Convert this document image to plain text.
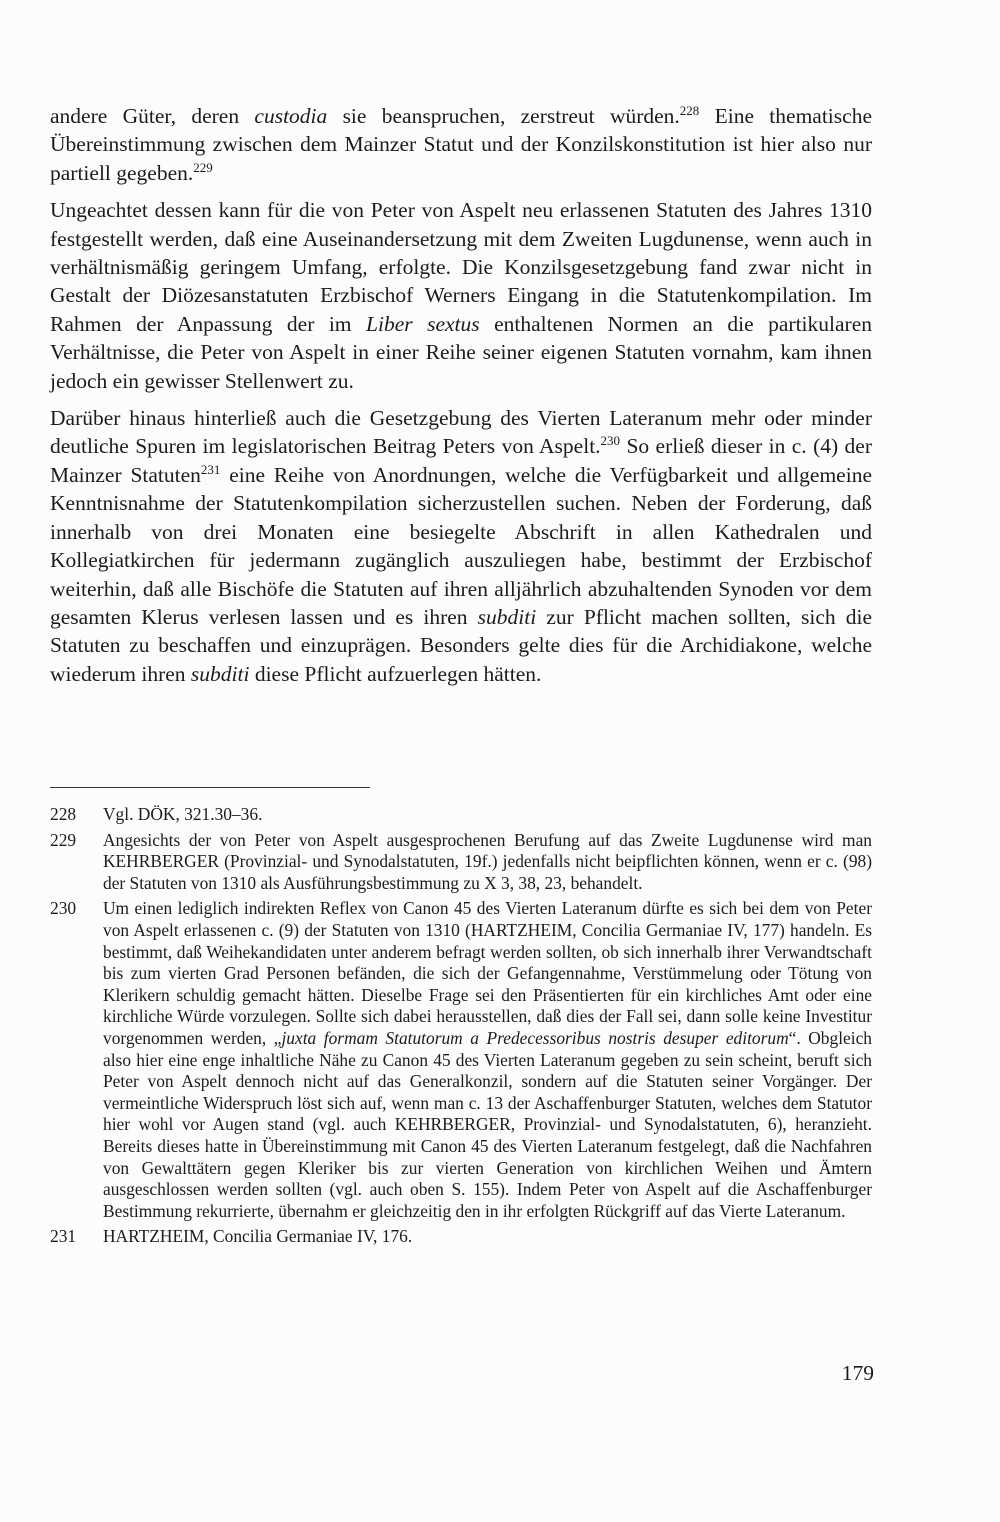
andere Güter, deren custodia sie beanspruchen, zerstreut würden.$^{228}$ Eine thematische Übereinstimmung zwischen dem Mainzer Statut und der Konzilskonstitution ist hier also nur partiell gegeben.$^{229}$

Ungeachtet dessen kann für die von Peter von Aspelt neu erlassenen Statuten des Jahres 1310 festgestellt werden, daß eine Auseinandersetzung mit dem Zweiten Lugdunense, wenn auch in verhältnismäßig geringem Umfang, erfolgte. Die Konzilsgesetzgebung fand zwar nicht in Gestalt der Diözesanstatuten Erzbischof Werners Eingang in die Statutenkompilation. Im Rahmen der Anpassung der im Liber sextus enthaltenen Normen an die partikularen Verhältnisse, die Peter von Aspelt in einer Reihe seiner eigenen Statuten vornahm, kam ihnen jedoch ein gewisser Stellenwert zu.

Darüber hinaus hinterließ auch die Gesetzgebung des Vierten Lateranum mehr oder minder deutliche Spuren im legislatorischen Beitrag Peters von Aspelt.$^{230}$ So erließ dieser in c. (4) der Mainzer Statuten$^{231}$ eine Reihe von Anordnungen, welche die Verfügbarkeit und allgemeine Kenntnisnahme der Statutenkompilation sicherzustellen suchen. Neben der Forderung, daß innerhalb von drei Monaten eine besiegelte Abschrift in allen Kathedralen und Kollegiatkirchen für jedermann zugänglich auszuliegen habe, bestimmt der Erzbischof weiterhin, daß alle Bischöfe die Statuten auf ihren alljährlich abzuhaltenden Synoden vor dem gesamten Klerus verlesen lassen und es ihren subditi zur Pflicht machen sollten, sich die Statuten zu beschaffen und einzuprägen. Besonders gelte dies für die Archidiakone, welche wiederum ihren subditi diese Pflicht aufzuerlegen hätten.

228 Vgl. DÖK, 321.30–36.
229 Angesichts der von Peter von Aspelt ausgesprochenen Berufung auf das Zweite Lugdunense wird man KEHRBERGER (Provinzial- und Synodalstatuten, 19f.) jedenfalls nicht beipflichten können, wenn er c. (98) der Statuten von 1310 als Ausführungsbestimmung zu X 3, 38, 23, behandelt.
230 Um einen lediglich indirekten Reflex von Canon 45 des Vierten Lateranum dürfte es sich bei dem von Peter von Aspelt erlassenen c. (9) der Statuten von 1310 (HARTZHEIM, Concilia Germaniae IV, 177) handeln. Es bestimmt, daß Weihekandidaten unter anderem befragt werden sollten, ob sich innerhalb ihrer Verwandtschaft bis zum vierten Grad Personen befänden, die sich der Gefangennahme, Verstümmelung oder Tötung von Klerikern schuldig gemacht hätten. Dieselbe Frage sei den Präsentierten für ein kirchliches Amt oder eine kirchliche Würde vorzulegen. Sollte sich dabei herausstellen, daß dies der Fall sei, dann solle keine Investitur vorgenommen werden, „juxta formam Statutorum a Predecessoribus nostris desuper editorum“. Obgleich also hier eine enge inhaltliche Nähe zu Canon 45 des Vierten Lateranum gegeben zu sein scheint, beruft sich Peter von Aspelt dennoch nicht auf das Generalkonzil, sondern auf die Statuten seiner Vorgänger. Der vermeintliche Widerspruch löst sich auf, wenn man c. 13 der Aschaffenburger Statuten, welches dem Statutor hier wohl vor Augen stand (vgl. auch KEHRBERGER, Provinzial- und Synodalstatuten, 6), heranzieht. Bereits dieses hatte in Übereinstimmung mit Canon 45 des Vierten Lateranum festgelegt, daß die Nachfahren von Gewalttätern gegen Kleriker bis zur vierten Generation von kirchlichen Weihen und Ämtern ausgeschlossen werden sollten (vgl. auch oben S. 155). Indem Peter von Aspelt auf die Aschaffenburger Bestimmung rekurrierte, übernahm er gleichzeitig den in ihr erfolgten Rückgriff auf das Vierte Lateranum.
231 HARTZHEIM, Concilia Germaniae IV, 176.
179
